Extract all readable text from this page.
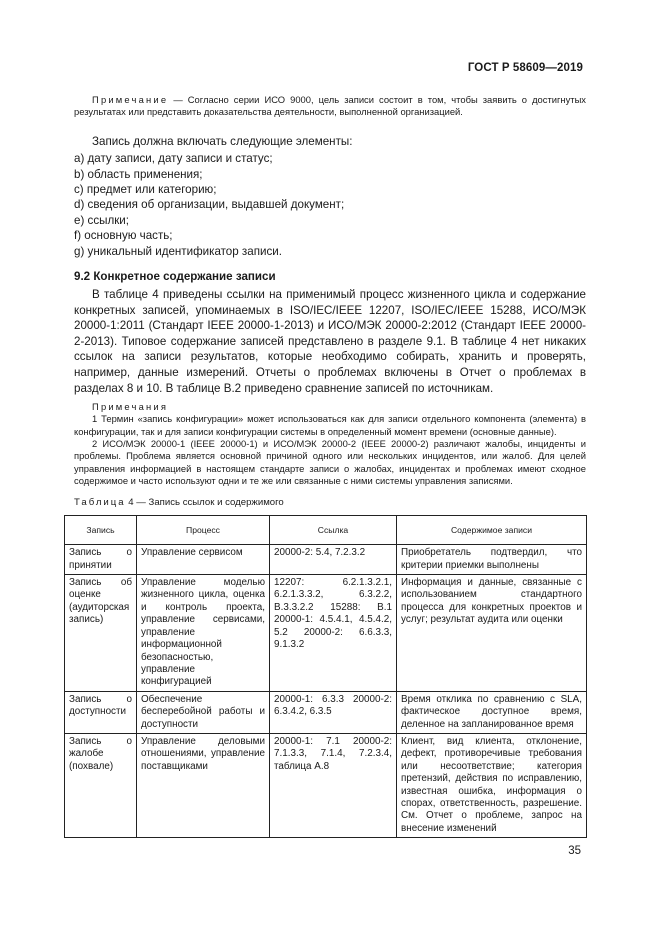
ГОСТ Р 58609—2019

Примечание — Согласно серии ИСО 9000, цель записи состоит в том, чтобы заявить о достигнутых результатах или представить доказательства деятельности, выполненной организацией.

Запись должна включать следующие элементы:

a) дату записи, дату записи и статус;

b) область применения;

c) предмет или категорию;

d) сведения об организации, выдавшей документ;

e) ссылки;

f) основную часть;

g) уникальный идентификатор записи.

9.2 Конкретное содержание записи

В таблице 4 приведены ссылки на применимый процесс жизненного цикла и содержание конкретных записей, упоминаемых в ISO/IEC/IEEE 12207, ISO/IEC/IEEE 15288, ИСО/МЭК 20000-1:2011 (Стандарт IEEE 20000-1-2013) и ИСО/МЭК 20000-2:2012 (Стандарт IEEE 20000-2-2013). Типовое содержание записей представлено в разделе 9.1. В таблице 4 нет никаких ссылок на записи результатов, которые необходимо собирать, хранить и проверять, например, данные измерений. Отчеты о проблемах включены в Отчет о проблемах в разделах 8 и 10. В таблице В.2 приведено сравнение записей по источникам.

Примечания

1 Термин «запись конфигурации» может использоваться как для записи отдельного компонента (элемента) в конфигурации, так и для записи конфигурации системы в определенный момент времени (основные данные).

2 ИСО/МЭК 20000-1 (IEEE 20000-1) и ИСО/МЭК 20000-2 (IEEE 20000-2) различают жалобы, инциденты и проблемы. Проблема является основной причиной одного или нескольких инцидентов, или жалоб. Для целей управления информацией в настоящем стандарте записи о жалобах, инцидентах и проблемах имеют сходное содержимое и часто используют одни и те же или связанные с ними системы управления записями.

Таблица 4 — Запись ссылок и содержимого

Запись	Процесс	Ссылка	Содержимое записи
Запись о принятии	Управление сервисом	20000-2: 5.4, 7.2.3.2	Приобретатель подтвердил, что критерии приемки выполнены
Запись об оценке (аудиторская запись)	Управление моделью жизненного цикла, оценка и контроль проекта, управление сервисами, управление информационной безопасностью, управление конфигурацией	12207: 6.2.1.3.2.1, 6.2.1.3.3.2, 6.3.2.2, В.3.3.2.2 15288: В.1 20000-1: 4.5.4.1, 4.5.4.2, 5.2 20000-2: 6.6.3.3, 9.1.3.2	Информация и данные, связанные с использованием стандартного процесса для конкретных проектов и услуг; результат аудита или оценки
Запись о доступности	Обеспечение бесперебойной работы и доступности	20000-1: 6.3.3 20000-2: 6.3.4.2, 6.3.5	Время отклика по сравнению с SLA, фактическое доступное время, деленное на запланированное время
Запись о жалобе (похвале)	Управление деловыми отношениями, управление поставщиками	20000-1: 7.1 20000-2: 7.1.3.3, 7.1.4, 7.2.3.4, таблица А.8	Клиент, вид клиента, отклонение, дефект, противоречивые требования или несоответствие; категория претензий, действия по исправлению, известная ошибка, информация о спорах, ответственность, разрешение. См. Отчет о проблеме, запрос на внесение изменений
35
